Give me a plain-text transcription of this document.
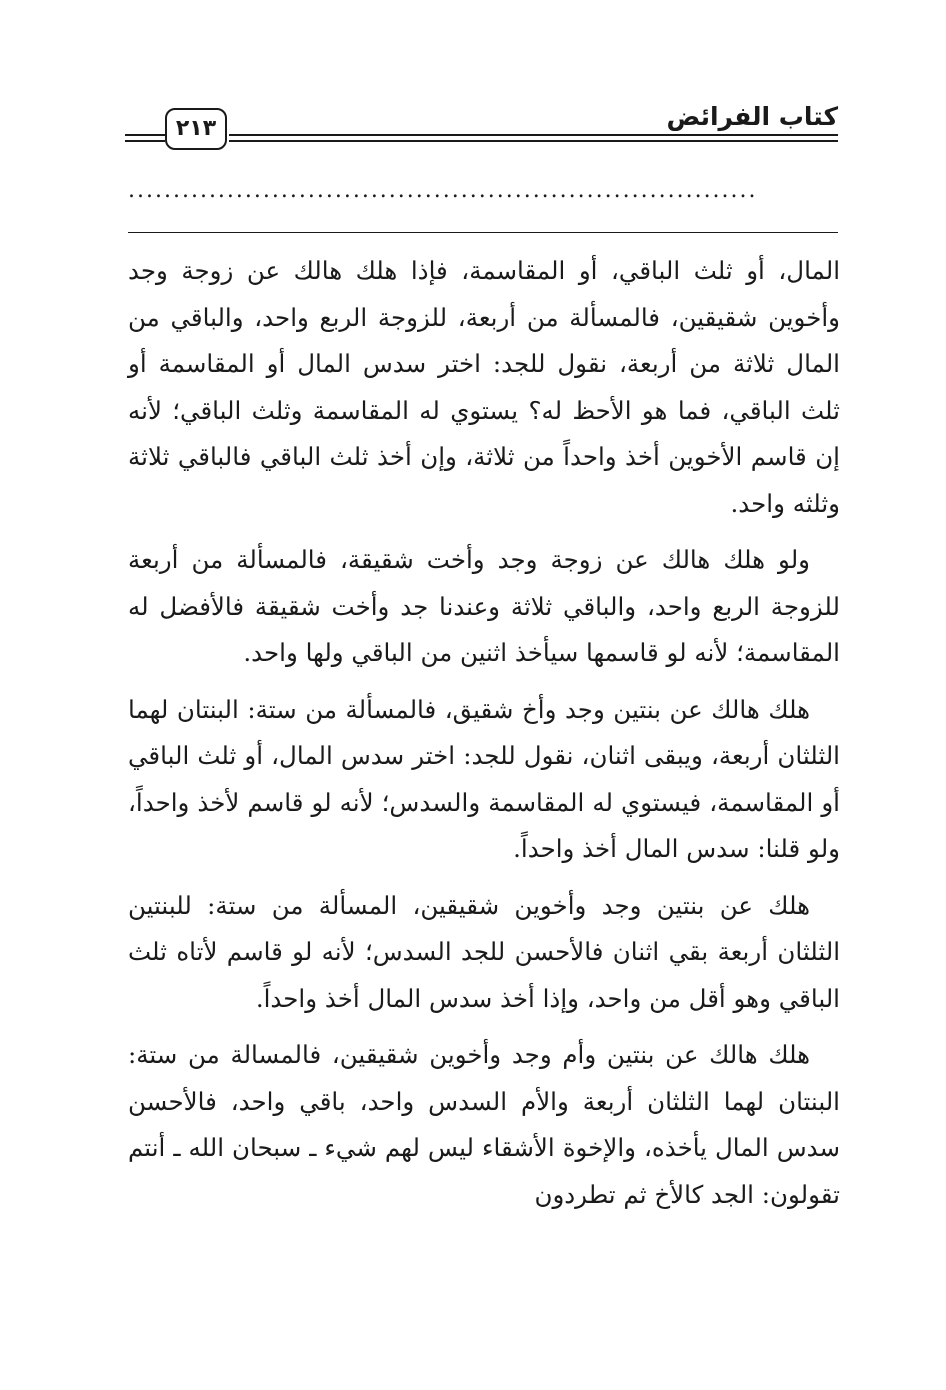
٢١٣	كتاب الفرائض
......................................................................

المال، أو ثلث الباقي، أو المقاسمة، فإذا هلك هالك عن زوجة وجد وأخوين شقيقين، فالمسألة من أربعة، للزوجة الربع واحد، والباقي من المال ثلاثة من أربعة، نقول للجد: اختر سدس المال أو المقاسمة أو ثلث الباقي، فما هو الأحظ له؟ يستوي له المقاسمة وثلث الباقي؛ لأنه إن قاسم الأخوين أخذ واحداً من ثلاثة، وإن أخذ ثلث الباقي فالباقي ثلاثة وثلثه واحد.

ولو هلك هالك عن زوجة وجد وأخت شقيقة، فالمسألة من أربعة للزوجة الربع واحد، والباقي ثلاثة وعندنا جد وأخت شقيقة فالأفضل له المقاسمة؛ لأنه لو قاسمها سيأخذ اثنين من الباقي ولها واحد.

هلك هالك عن بنتين وجد وأخ شقيق، فالمسألة من ستة: البنتان لهما الثلثان أربعة، ويبقى اثنان، نقول للجد: اختر سدس المال، أو ثلث الباقي أو المقاسمة، فيستوي له المقاسمة والسدس؛ لأنه لو قاسم لأخذ واحداً، ولو قلنا: سدس المال أخذ واحداً.

هلك عن بنتين وجد وأخوين شقيقين، المسألة من ستة: للبنتين الثلثان أربعة بقي اثنان فالأحسن للجد السدس؛ لأنه لو قاسم لأتاه ثلث الباقي وهو أقل من واحد، وإذا أخذ سدس المال أخذ واحداً.

هلك هالك عن بنتين وأم وجد وأخوين شقيقين، فالمسالة من ستة: البنتان لهما الثلثان أربعة والأم السدس واحد، باقي واحد، فالأحسن سدس المال يأخذه، والإخوة الأشقاء ليس لهم شيء ـ سبحان الله ـ أنتم تقولون: الجد كالأخ ثم تطردون
